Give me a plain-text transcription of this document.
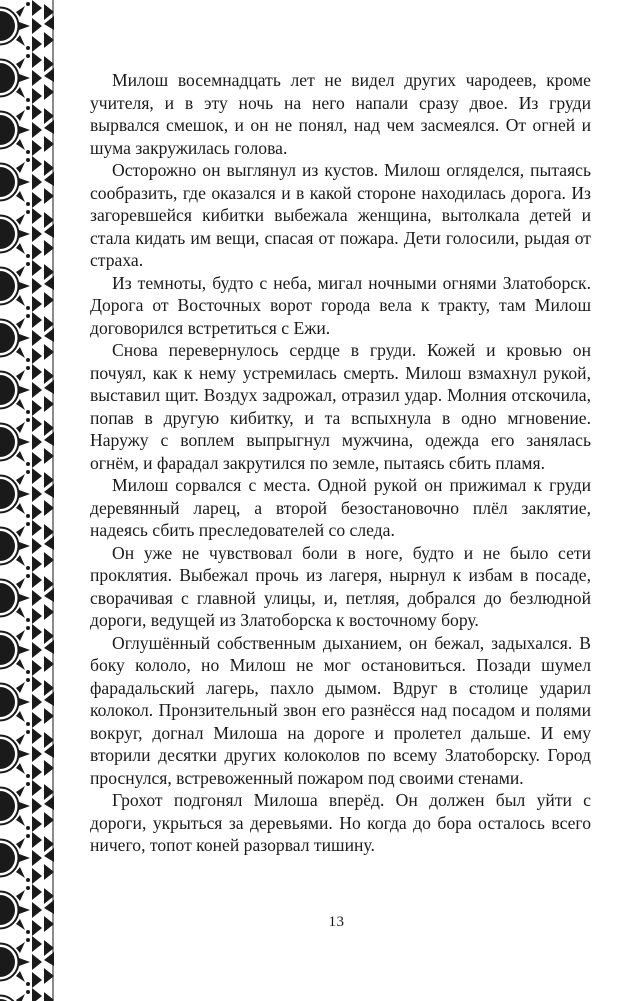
Милош восемнадцать лет не видел других чародеев, кроме учителя, и в эту ночь на него напали сразу двое. Из груди вырвался смешок, и он не понял, над чем засмеялся. От огней и шума закружилась голова.

Осторожно он выглянул из кустов. Милош огляделся, пытаясь сообразить, где оказался и в какой стороне находилась дорога. Из загоревшейся кибитки выбежала женщина, вытолкала детей и стала кидать им вещи, спасая от пожара. Дети голосили, рыдая от страха.

Из темноты, будто с неба, мигал ночными огнями Златоборск. Дорога от Восточных ворот города вела к тракту, там Милош договорился встретиться с Ежи.

Снова перевернулось сердце в груди. Кожей и кровью он почуял, как к нему устремилась смерть. Милош взмахнул рукой, выставил щит. Воздух задрожал, отразил удар. Молния отскочила, попав в другую кибитку, и та вспыхнула в одно мгновение. Наружу с воплем выпрыгнул мужчина, одежда его занялась огнём, и фарадал закрутился по земле, пытаясь сбить пламя.

Милош сорвался с места. Одной рукой он прижимал к груди деревянный ларец, а второй безостановочно плёл заклятие, надеясь сбить преследователей со следа.

Он уже не чувствовал боли в ноге, будто и не было сети проклятия. Выбежал прочь из лагеря, нырнул к избам в посаде, сворачивая с главной улицы, и, петляя, добрался до безлюдной дороги, ведущей из Златоборска к восточному бору.

Оглушённый собственным дыханием, он бежал, задыхался. В боку кололо, но Милош не мог остановиться. Позади шумел фарадальский лагерь, пахло дымом. Вдруг в столице ударил колокол. Пронзительный звон его разнёсся над посадом и полями вокруг, догнал Милоша на дороге и пролетел дальше. И ему вторили десятки других колоколов по всему Златоборску. Город проснулся, встревоженный пожаром под своими стенами.

Грохот подгонял Милоша вперёд. Он должен был уйти с дороги, укрыться за деревьями. Но когда до бора осталось всего ничего, топот коней разорвал тишину.

13
